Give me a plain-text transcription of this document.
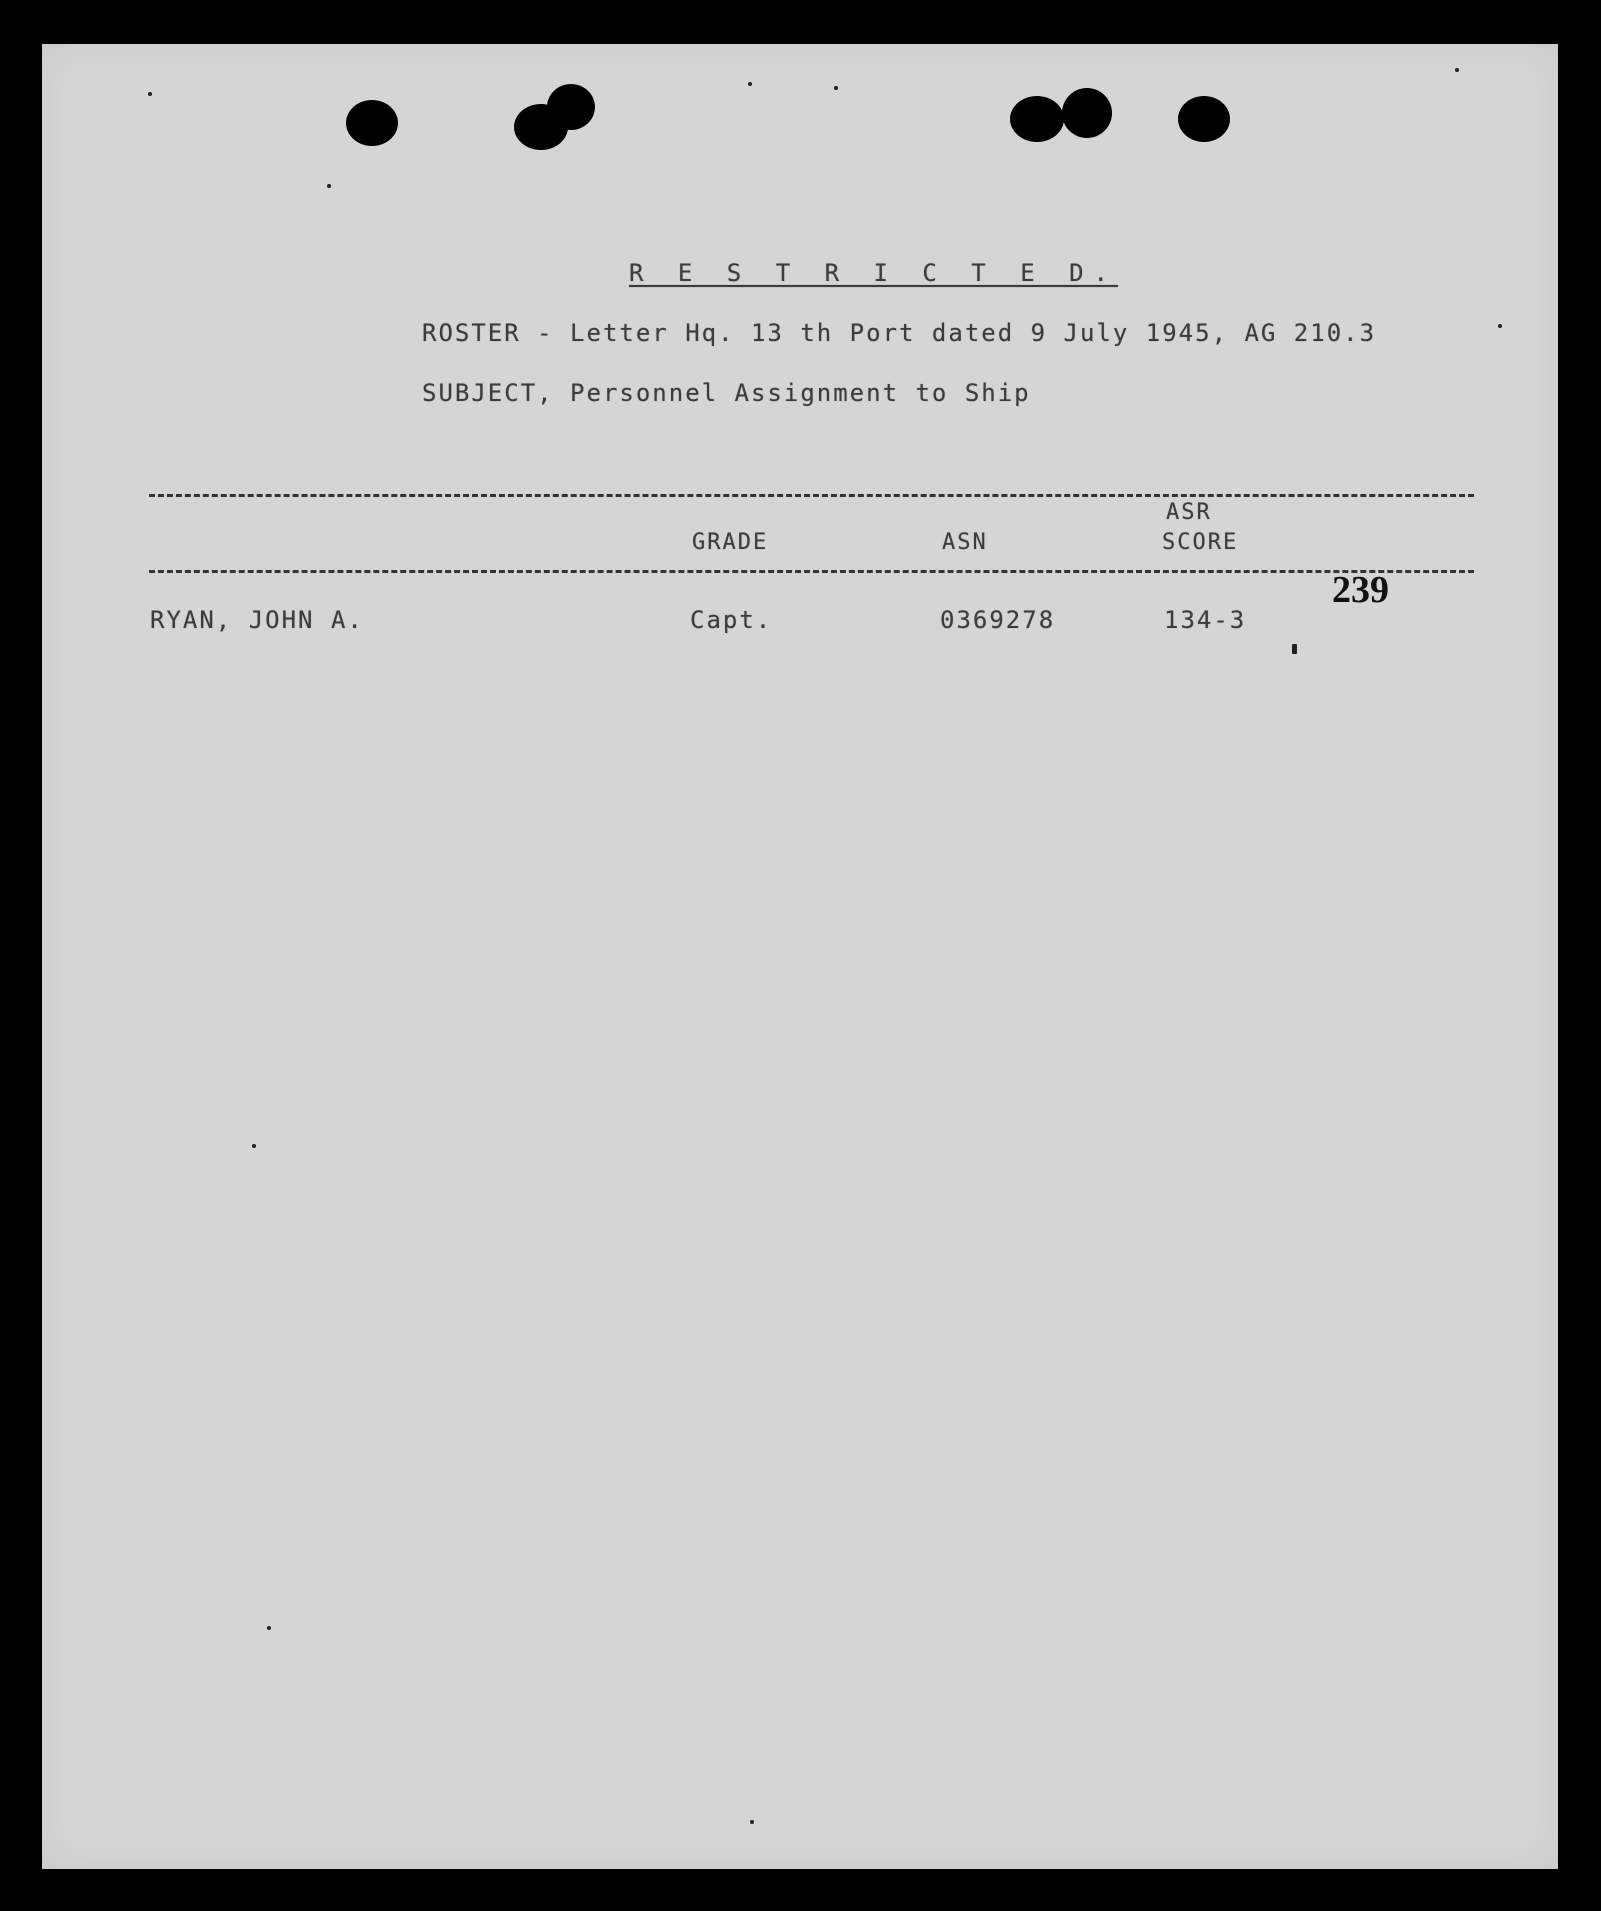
R E S T R I C T E D.
ROSTER - Letter Hq. 13 th Port dated 9 July 1945, AG 210.3
SUBJECT, Personnel Assignment to Ship
GRADE	ASN
ASR
SCORE
RYAN, JOHN A.	Capt.	0369278	134-3
239
